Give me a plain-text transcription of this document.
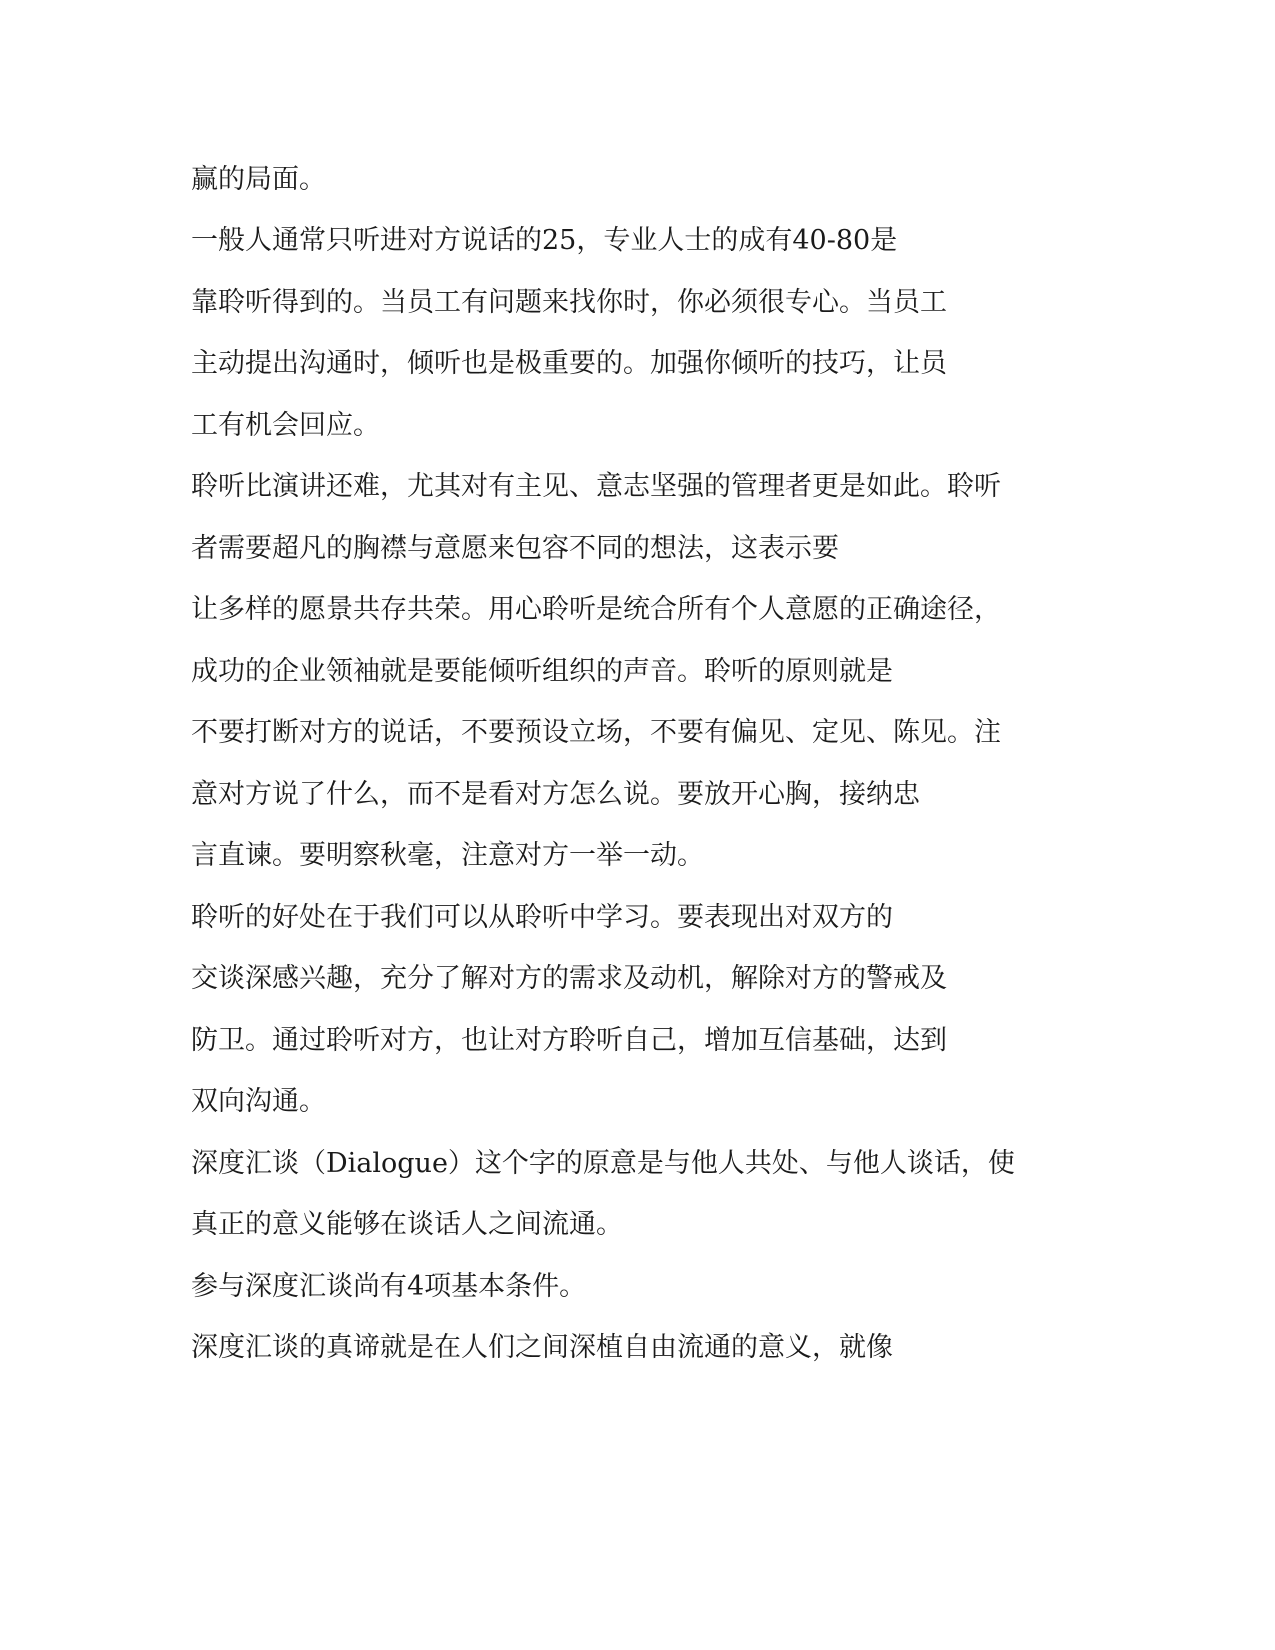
赢的局面。
一般人通常只听进对方说话的25，专业人士的成有40-80是
靠聆听得到的。当员工有问题来找你时，你必须很专心。当员工
主动提出沟通时，倾听也是极重要的。加强你倾听的技巧，让员
工有机会回应。
聆听比演讲还难，尤其对有主见、意志坚强的管理者更是如此。聆听
者需要超凡的胸襟与意愿来包容不同的想法，这表示要
让多样的愿景共存共荣。用心聆听是统合所有个人意愿的正确途径，
成功的企业领袖就是要能倾听组织的声音。聆听的原则就是
不要打断对方的说话，不要预设立场，不要有偏见、定见、陈见。注
意对方说了什么，而不是看对方怎么说。要放开心胸，接纳忠
言直谏。要明察秋毫，注意对方一举一动。
聆听的好处在于我们可以从聆听中学习。要表现出对双方的
交谈深感兴趣，充分了解对方的需求及动机，解除对方的警戒及
防卫。通过聆听对方，也让对方聆听自己，增加互信基础，达到
双向沟通。
深度汇谈（Dialogue）这个字的原意是与他人共处、与他人谈话，使
真正的意义能够在谈话人之间流通。
参与深度汇谈尚有4项基本条件。
深度汇谈的真谛就是在人们之间深植自由流通的意义，就像
